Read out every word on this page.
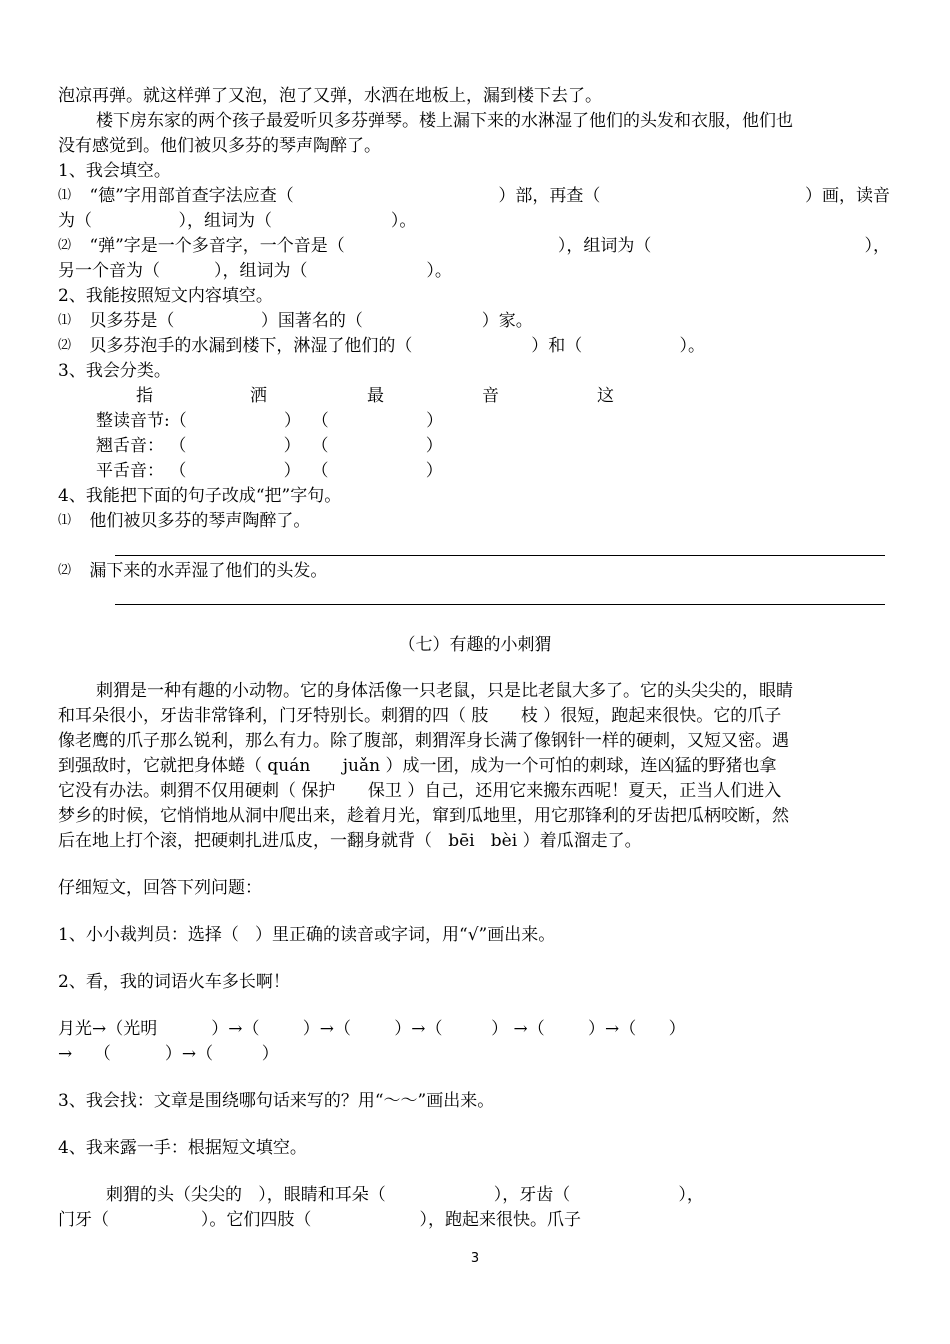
泡凉再弹。就这样弹了又泡，泡了又弹，水洒在地板上，漏到楼下去了。
楼下房东家的两个孩子最爱听贝多芬弹琴。楼上漏下来的水淋湿了他们的头发和衣服，他们也
没有感觉到。他们被贝多芬的琴声陶醉了。
1、我会填空。
⑴ “德”字用部首查字法应查（	）部，再查（	）画，读音
为（                ），组词为（                      ）。
⑵ “弹”字是一个多音字，一个音是（	），组词为（	），
另一个音为（          ），组词为（                      ）。
2、我能按照短文内容填空。
⑴ 贝多芬是（                ）国著名的（                      ）家。
⑵ 贝多芬泡手的水漏到楼下，淋湿了他们的（                      ）和（                  ）。
3、我会分类。
指	洒	最	音	这
整读音节:（                  ）  （                  ）
翘舌音： （                  ）  （                  ）
平舌音： （                  ）  （                  ）
4、我能把下面的句子改成“把”字句。
⑴ 他们被贝多芬的琴声陶醉了。
⑵ 漏下来的水弄湿了他们的头发。
（七）有趣的小刺猬
刺猬是一种有趣的小动物。它的身体活像一只老鼠，只是比老鼠大多了。它的头尖尖的，眼睛
和耳朵很小，牙齿非常锋利，门牙特别长。刺猬的四（ 肢      枝 ）很短，跑起来很快。它的爪子
像老鹰的爪子那么锐利，那么有力。除了腹部，刺猬浑身长满了像钢针一样的硬刺，又短又密。遇
到强敌时，它就把身体蜷（ quán      juǎn ）成一团，成为一个可怕的刺球，连凶猛的野猪也拿
它没有办法。刺猬不仅用硬刺（ 保护      保卫 ）自己，还用它来搬东西呢！夏天，正当人们进入
梦乡的时候，它悄悄地从洞中爬出来，趁着月光，窜到瓜地里，用它那锋利的牙齿把瓜柄咬断，然
后在地上打个滚，把硬刺扎进瓜皮，一翻身就背（   bēi   bèi ）着瓜溜走了。
仔细短文，回答下列问题：
1、小小裁判员：选择（   ）里正确的读音或字词，用“√”画出来。
2、看，我的词语火车多长啊！
月光→（光明          ）→（        ）→（        ）→（         ） →（        ）→（      ）
→    （          ）→（         ）
3、我会找：文章是围绕哪句话来写的？用“～～”画出来。
4、我来露一手：根据短文填空。
刺猬的头（尖尖的   ），眼睛和耳朵（                    ），牙齿（                    ），
门牙（                 ）。它们四肢（                    ），跑起来很快。爪子
3
